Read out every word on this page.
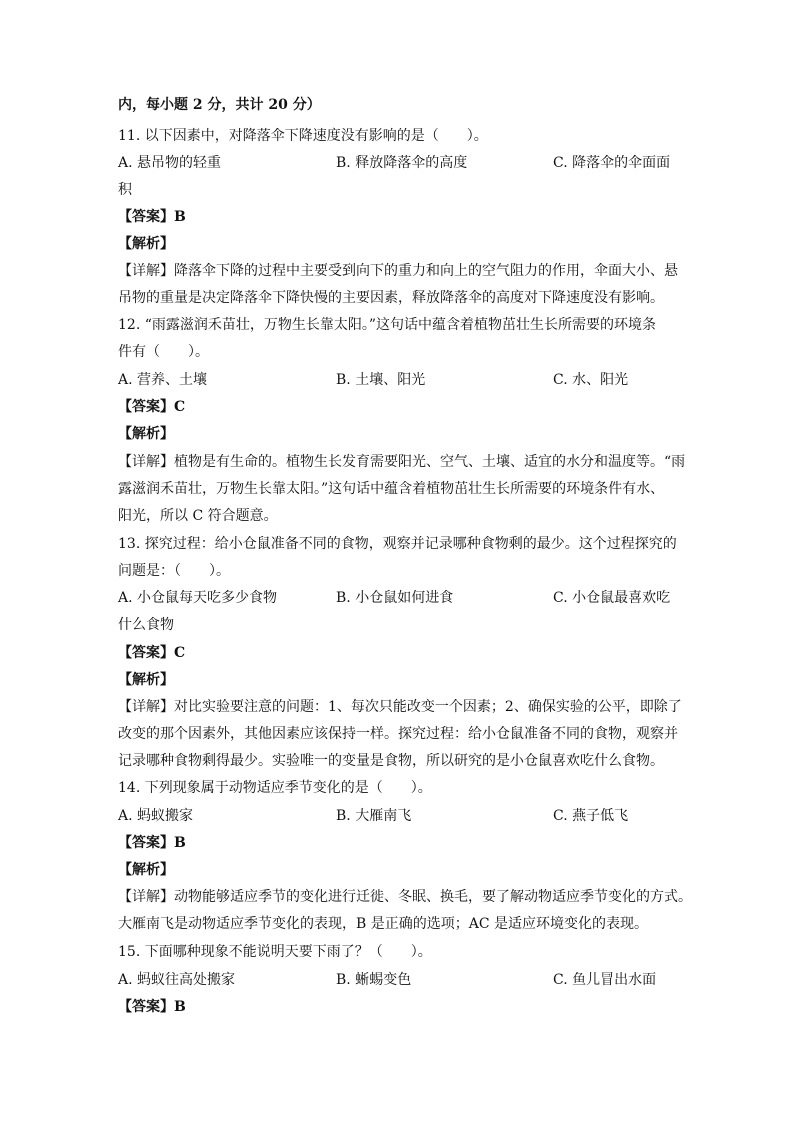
内，每小题 2 分，共计 20 分）
11. 以下因素中，对降落伞下降速度没有影响的是（　　）。
A. 悬吊物的轻重	B. 释放降落伞的高度	C. 降落伞的伞面面
积
【答案】B
【解析】
【详解】降落伞下降的过程中主要受到向下的重力和向上的空气阻力的作用，伞面大小、悬
吊物的重量是决定降落伞下降快慢的主要因素，释放降落伞的高度对下降速度没有影响。
12. “雨露滋润禾苗壮，万物生长靠太阳。”这句话中蕴含着植物茁壮生长所需要的环境条
件有（　　）。
A. 营养、土壤	B. 土壤、阳光	C. 水、阳光
【答案】C
【解析】
【详解】植物是有生命的。植物生长发育需要阳光、空气、土壤、适宜的水分和温度等。“雨
露滋润禾苗壮，万物生长靠太阳。”这句话中蕴含着植物茁壮生长所需要的环境条件有水、
阳光，所以 C 符合题意。
13. 探究过程：给小仓鼠准备不同的食物，观察并记录哪种食物剩的最少。这个过程探究的
问题是：（　　）。
A. 小仓鼠每天吃多少食物	B. 小仓鼠如何进食	C. 小仓鼠最喜欢吃
什么食物
【答案】C
【解析】
【详解】对比实验要注意的问题：1、每次只能改变一个因素；2、确保实验的公平，即除了
改变的那个因素外，其他因素应该保持一样。探究过程：给小仓鼠准备不同的食物，观察并
记录哪种食物剩得最少。实验唯一的变量是食物，所以研究的是小仓鼠喜欢吃什么食物。
14. 下列现象属于动物适应季节变化的是（　　）。
A. 蚂蚁搬家	B. 大雁南飞	C. 燕子低飞
【答案】B
【解析】
【详解】动物能够适应季节的变化进行迁徙、冬眠、换毛，要了解动物适应季节变化的方式。
大雁南飞是动物适应季节变化的表现，B 是正确的选项；AC 是适应环境变化的表现。
15. 下面哪种现象不能说明天要下雨了？（　　）。
A. 蚂蚁往高处搬家	B. 蜥蜴变色	C. 鱼儿冒出水面
【答案】B
